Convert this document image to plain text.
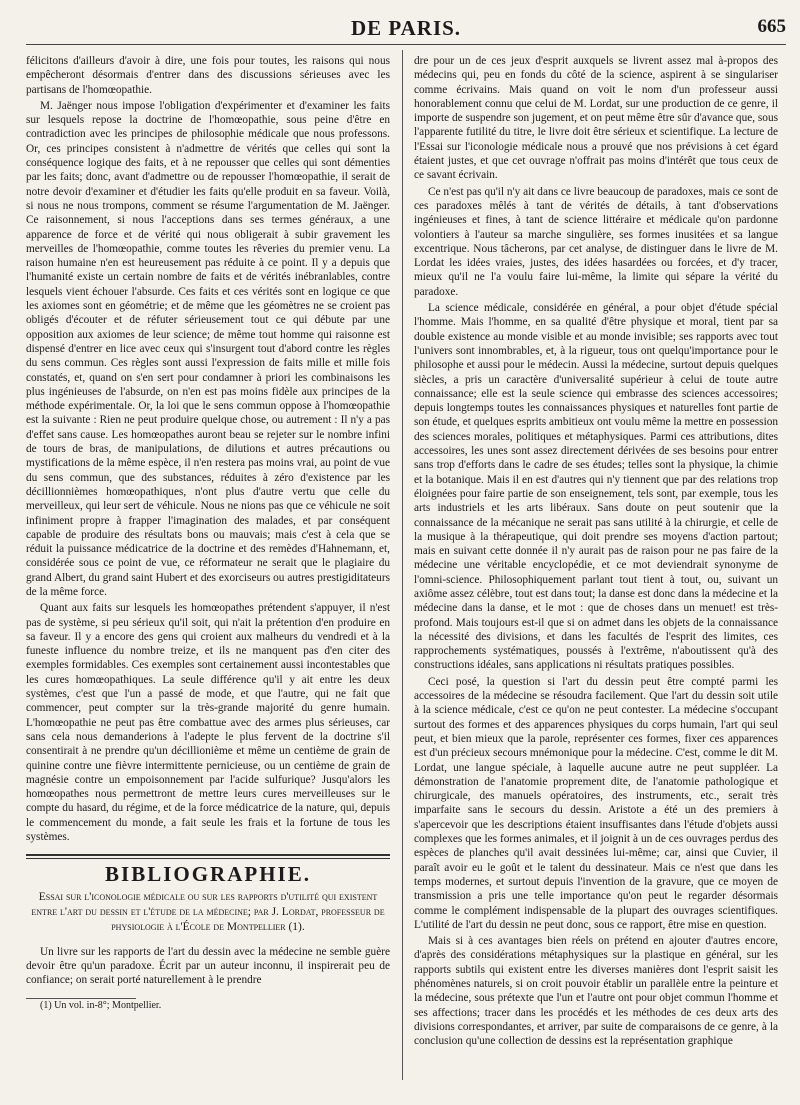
DE PARIS.	665

félicitons d'ailleurs d'avoir à dire, une fois pour toutes, les raisons qui nous empêcheront désormais d'entrer dans des discussions sérieuses avec les partisans de l'homœopathie.

M. Jaënger nous impose l'obligation d'expérimenter et d'examiner les faits sur lesquels repose la doctrine de l'homœopathie, sous peine d'être en contradiction avec les principes de philosophie médicale que nous professons. Or, ces principes consistent à n'admettre de vérités que celles qui sont la conséquence logique des faits, et à ne repousser que celles qui sont démenties par les faits; donc, avant d'admettre ou de repousser l'homœopathie, il serait de notre devoir d'examiner et d'étudier les faits qu'elle produit en sa faveur. Voilà, si nous ne nous trompons, comment se résume l'argumentation de M. Jaënger. Ce raisonnement, si nous l'acceptions dans ses termes généraux, a une apparence de force et de vérité qui nous obligerait à subir gravement les merveilles de l'homœopathie, comme toutes les rêveries du premier venu. La raison humaine n'en est heureusement pas réduite à ce point. Il y a depuis que l'humanité existe un certain nombre de faits et de vérités inébranlables, contre lesquels vient échouer l'absurde. Ces faits et ces vérités sont en logique ce que les axiomes sont en géométrie; et de même que les géomètres ne se croient pas obligés d'écouter et de réfuter sérieusement tout ce qui débute par une opposition aux axiomes de leur science; de même tout homme qui raisonne est dispensé d'entrer en lice avec ceux qui s'insurgent tout d'abord contre les règles du sens commun. Ces règles sont aussi l'expression de faits mille et mille fois constatés, et, quand on s'en sert pour condamner à priori les combinaisons les plus ingénieuses de l'absurde, on n'en est pas moins fidèle aux principes de la méthode expérimentale. Or, la loi que le sens commun oppose à l'homœopathie est la suivante : Rien ne peut produire quelque chose, ou autrement : Il n'y a pas d'effet sans cause. Les homœopathes auront beau se rejeter sur le nombre infini de tours de bras, de manipulations, de dilutions et autres précautions ou mystifications de la même espèce, il n'en restera pas moins vrai, au point de vue du sens commun, que des substances, réduites à zéro d'existence par les décillionnièmes homœopathiques, n'ont plus d'autre vertu que celle du merveilleux, qui leur sert de véhicule. Nous ne nions pas que ce véhicule ne soit infiniment propre à frapper l'imagination des malades, et par conséquent capable de produire des résultats bons ou mauvais; mais c'est à cela que se réduit la puissance médicatrice de la doctrine et des remèdes d'Hahnemann, et, considérée sous ce point de vue, ce réformateur ne serait que le plagiaire du grand Albert, du grand saint Hubert et des exorciseurs ou autres prestigiditateurs de la même force.

Quant aux faits sur lesquels les homœopathes prétendent s'appuyer, il n'est pas de système, si peu sérieux qu'il soit, qui n'ait la prétention d'en produire en sa faveur. Il y a encore des gens qui croient aux malheurs du vendredi et à la funeste influence du nombre treize, et ils ne manquent pas d'en citer des exemples formidables. Ces exemples sont certainement aussi incontestables que les cures homœopathiques. La seule différence qu'il y ait entre les deux systèmes, c'est que l'un a passé de mode, et que l'autre, qui ne fait que commencer, peut compter sur la très-grande majorité du genre humain. L'homœopathie ne peut pas être combattue avec des armes plus sérieuses, car sans cela nous demanderions à l'adepte le plus fervent de la doctrine s'il consentirait à ne prendre qu'un décillionième et même un centième de grain de quinine contre une fièvre intermittente pernicieuse, ou un centième de grain de magnésie contre un empoisonnement par l'acide sulfurique? Jusqu'alors les homœopathes nous permettront de mettre leurs cures merveilleuses sur le compte du hasard, du régime, et de la force médicatrice de la nature, qui, depuis le commencement du monde, a fait seule les frais et la fortune de tous les systèmes.

BIBLIOGRAPHIE.
Essai sur l'iconologie médicale ou sur les rapports d'utilité qui existent entre l'art du dessin et l'étude de la médecine; par J. Lordat, professeur de physiologie à l'École de Montpellier (1).

Un livre sur les rapports de l'art du dessin avec la médecine ne semble guère devoir être qu'un paradoxe. Écrit par un auteur inconnu, il inspirerait peu de confiance; on serait porté naturellement à le prendre

(1) Un vol. in-8°; Montpellier.

dre pour un de ces jeux d'esprit auxquels se livrent assez mal à-propos des médecins qui, peu en fonds du côté de la science, aspirent à se singulariser comme écrivains. Mais quand on voit le nom d'un professeur aussi honorablement connu que celui de M. Lordat, sur une production de ce genre, il importe de suspendre son jugement, et on peut même être sûr d'avance que, sous l'apparente futilité du titre, le livre doit être sérieux et scientifique. La lecture de l'Essai sur l'iconologie médicale nous a prouvé que nos prévisions à cet égard étaient justes, et que cet ouvrage n'offrait pas moins d'intérêt que tous ceux de ce savant écrivain.

Ce n'est pas qu'il n'y ait dans ce livre beaucoup de paradoxes, mais ce sont de ces paradoxes mêlés à tant de vérités de détails, à tant d'observations ingénieuses et fines, à tant de science littéraire et médicale qu'on pardonne volontiers à l'auteur sa marche singulière, ses formes inusitées et sa langue excentrique. Nous tâcherons, par cet analyse, de distinguer dans le livre de M. Lordat les idées vraies, justes, des idées hasardées ou forcées, et d'y tracer, mieux qu'il ne l'a voulu faire lui-même, la limite qui sépare la vérité du paradoxe.

La science médicale, considérée en général, a pour objet d'étude spécial l'homme. Mais l'homme, en sa qualité d'être physique et moral, tient par sa double existence au monde visible et au monde invisible; ses rapports avec tout l'univers sont innombrables, et, à la rigueur, tous ont quelqu'importance pour le philosophe et aussi pour le médecin. Aussi la médecine, surtout depuis quelques siècles, a pris un caractère d'universalité supérieur à celui de toute autre connaissance; elle est la seule science qui embrasse des sciences accessoires; depuis longtemps toutes les connaissances physiques et naturelles font partie de son étude, et quelques esprits ambitieux ont voulu même la mettre en possession des sciences morales, politiques et métaphysiques. Parmi ces attributions, dites accessoires, les unes sont assez directement dérivées de ses besoins pour entrer sans trop d'efforts dans le cadre de ses études; telles sont la physique, la chimie et la botanique. Mais il en est d'autres qui n'y tiennent que par des relations trop éloignées pour faire partie de son enseignement, tels sont, par exemple, tous les arts industriels et les arts libéraux. Sans doute on peut soutenir que la connaissance de la mécanique ne serait pas sans utilité à la chirurgie, et celle de la musique à la thérapeutique, qui doit prendre ses moyens d'action partout; mais en suivant cette donnée il n'y aurait pas de raison pour ne pas faire de la médecine une véritable encyclopédie, et ce mot deviendrait synonyme de l'omni-science. Philosophiquement parlant tout tient à tout, ou, suivant un axiôme assez célèbre, tout est dans tout; la danse est donc dans la médecine et la médecine dans la danse, et le mot : que de choses dans un menuet! est très-profond. Mais toujours est-il que si on admet dans les objets de la connaissance la nécessité des divisions, et dans les facultés de l'esprit des limites, ces rapprochements systématiques, poussés à l'extrême, n'aboutissent qu'à des constructions idéales, sans applications ni résultats pratiques possibles.

Ceci posé, la question si l'art du dessin peut être compté parmi les accessoires de la médecine se résoudra facilement. Que l'art du dessin soit utile à la science médicale, c'est ce qu'on ne peut contester. La médecine s'occupant surtout des formes et des apparences physiques du corps humain, l'art qui seul peut, et bien mieux que la parole, représenter ces formes, fixer ces apparences est d'un précieux secours mnémonique pour la médecine. C'est, comme le dit M. Lordat, une langue spéciale, à laquelle aucune autre ne peut suppléer. La démonstration de l'anatomie proprement dite, de l'anatomie pathologique et chirurgicale, des manuels opératoires, des instruments, etc., serait très imparfaite sans le secours du dessin. Aristote a été un des premiers à s'apercevoir que les descriptions étaient insuffisantes dans l'étude d'objets aussi complexes que les formes animales, et il joignit à un de ces ouvrages perdus des espèces de planches qu'il avait dessinées lui-même; car, ainsi que Cuvier, il paraît avoir eu le goût et le talent du dessinateur. Mais ce n'est que dans les temps modernes, et surtout depuis l'invention de la gravure, que ce moyen de transmission a pris une telle importance qu'on peut le regarder désormais comme le complément indispensable de la plupart des ouvrages scientifiques. L'utilité de l'art du dessin ne peut donc, sous ce rapport, être mise en question.

Mais si à ces avantages bien réels on prétend en ajouter d'autres encore, d'après des considérations métaphysiques sur la plastique en général, sur les rapports subtils qui existent entre les diverses manières dont l'esprit saisit les phénomènes naturels, si on croit pouvoir établir un parallèle entre la peinture et la médecine, sous prétexte que l'un et l'autre ont pour objet commun l'homme et ses affections; tracer dans les procédés et les méthodes de ces deux arts des divisions correspondantes, et arriver, par suite de comparaisons de ce genre, à la conclusion qu'une collection de dessins est la représentation graphique
